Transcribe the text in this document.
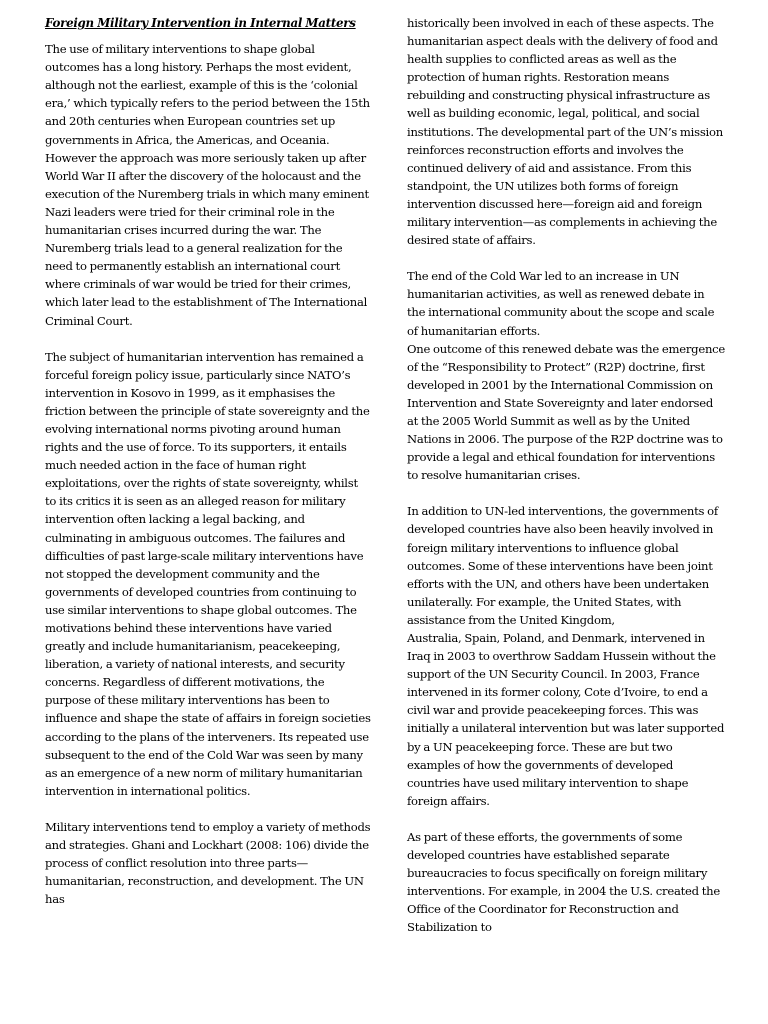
Foreign Military Intervention in Internal Matters

The use of military interventions to shape global outcomes has a long history. Perhaps the most evident, although not the earliest, example of this is the ‘colonial era,’ which typically refers to the period between the 15th and 20th centuries when European countries set up governments in Africa, the Americas, and Oceania. However the approach was more seriously taken up after World War II after the discovery of the holocaust and the execution of the Nuremberg trials in which many eminent Nazi leaders were tried for their criminal role in the humanitarian crises incurred during the war. The Nuremberg trials lead to a general realization for the need to permanently establish an international court where criminals of war would be tried for their crimes, which later lead to the establishment of The International Criminal Court.

The subject of humanitarian intervention has remained a forceful foreign policy issue, particularly since NATO’s intervention in Kosovo in 1999, as it emphasises the friction between the principle of state sovereignty and the evolving international norms pivoting around human rights and the use of force. To its supporters, it entails much needed action in the face of human right exploitations, over the rights of state sovereignty, whilst to its critics it is seen as an alleged reason for military intervention often lacking a legal backing, and culminating in ambiguous outcomes. The failures and difficulties of past large-scale military interventions have not stopped the development community and the governments of developed countries from continuing to use similar interventions to shape global outcomes. The motivations behind these interventions have varied greatly and include humanitarianism, peacekeeping, liberation, a variety of national interests, and security concerns. Regardless of different motivations, the purpose of these military interventions has been to influence and shape the state of affairs in foreign societies according to the plans of the interveners. Its repeated use subsequent to the end of the Cold War was seen by many as an emergence of a new norm of military humanitarian intervention in international politics.

Military interventions tend to employ a variety of methods and strategies. Ghani and Lockhart (2008: 106) divide the process of conflict resolution into three parts—humanitarian, reconstruction, and development. The UN has

historically been involved in each of these aspects. The humanitarian aspect deals with the delivery of food and health supplies to conflicted areas as well as the protection of human rights. Restoration means rebuilding and constructing physical infrastructure as well as building economic, legal, political, and social institutions. The developmental part of the UN’s mission reinforces reconstruction efforts and involves the continued delivery of aid and assistance. From this standpoint, the UN utilizes both forms of foreign intervention discussed here—foreign aid and foreign military intervention—as complements in achieving the desired state of affairs.

The end of the Cold War led to an increase in UN humanitarian activities, as well as renewed debate in the international community about the scope and scale of humanitarian efforts.

One outcome of this renewed debate was the emergence of the “Responsibility to Protect” (R2P) doctrine, first developed in 2001 by the International Commission on Intervention and State Sovereignty and later endorsed at the 2005 World Summit as well as by the United Nations in 2006. The purpose of the R2P doctrine was to provide a legal and ethical foundation for interventions to resolve humanitarian crises.

In addition to UN-led interventions, the governments of developed countries have also been heavily involved in foreign military interventions to influence global outcomes. Some of these interventions have been joint efforts with the UN, and others have been undertaken unilaterally. For example, the United States, with assistance from the United Kingdom,

Australia, Spain, Poland, and Denmark, intervened in Iraq in 2003 to overthrow Saddam Hussein without the support of the UN Security Council. In 2003, France intervened in its former colony, Cote d’Ivoire, to end a civil war and provide peacekeeping forces. This was initially a unilateral intervention but was later supported by a UN peacekeeping force. These are but two examples of how the governments of developed countries have used military intervention to shape foreign affairs.

As part of these efforts, the governments of some developed countries have established separate bureaucracies to focus specifically on foreign military interventions. For example, in 2004 the U.S. created the Office of the Coordinator for Reconstruction and Stabilization to
